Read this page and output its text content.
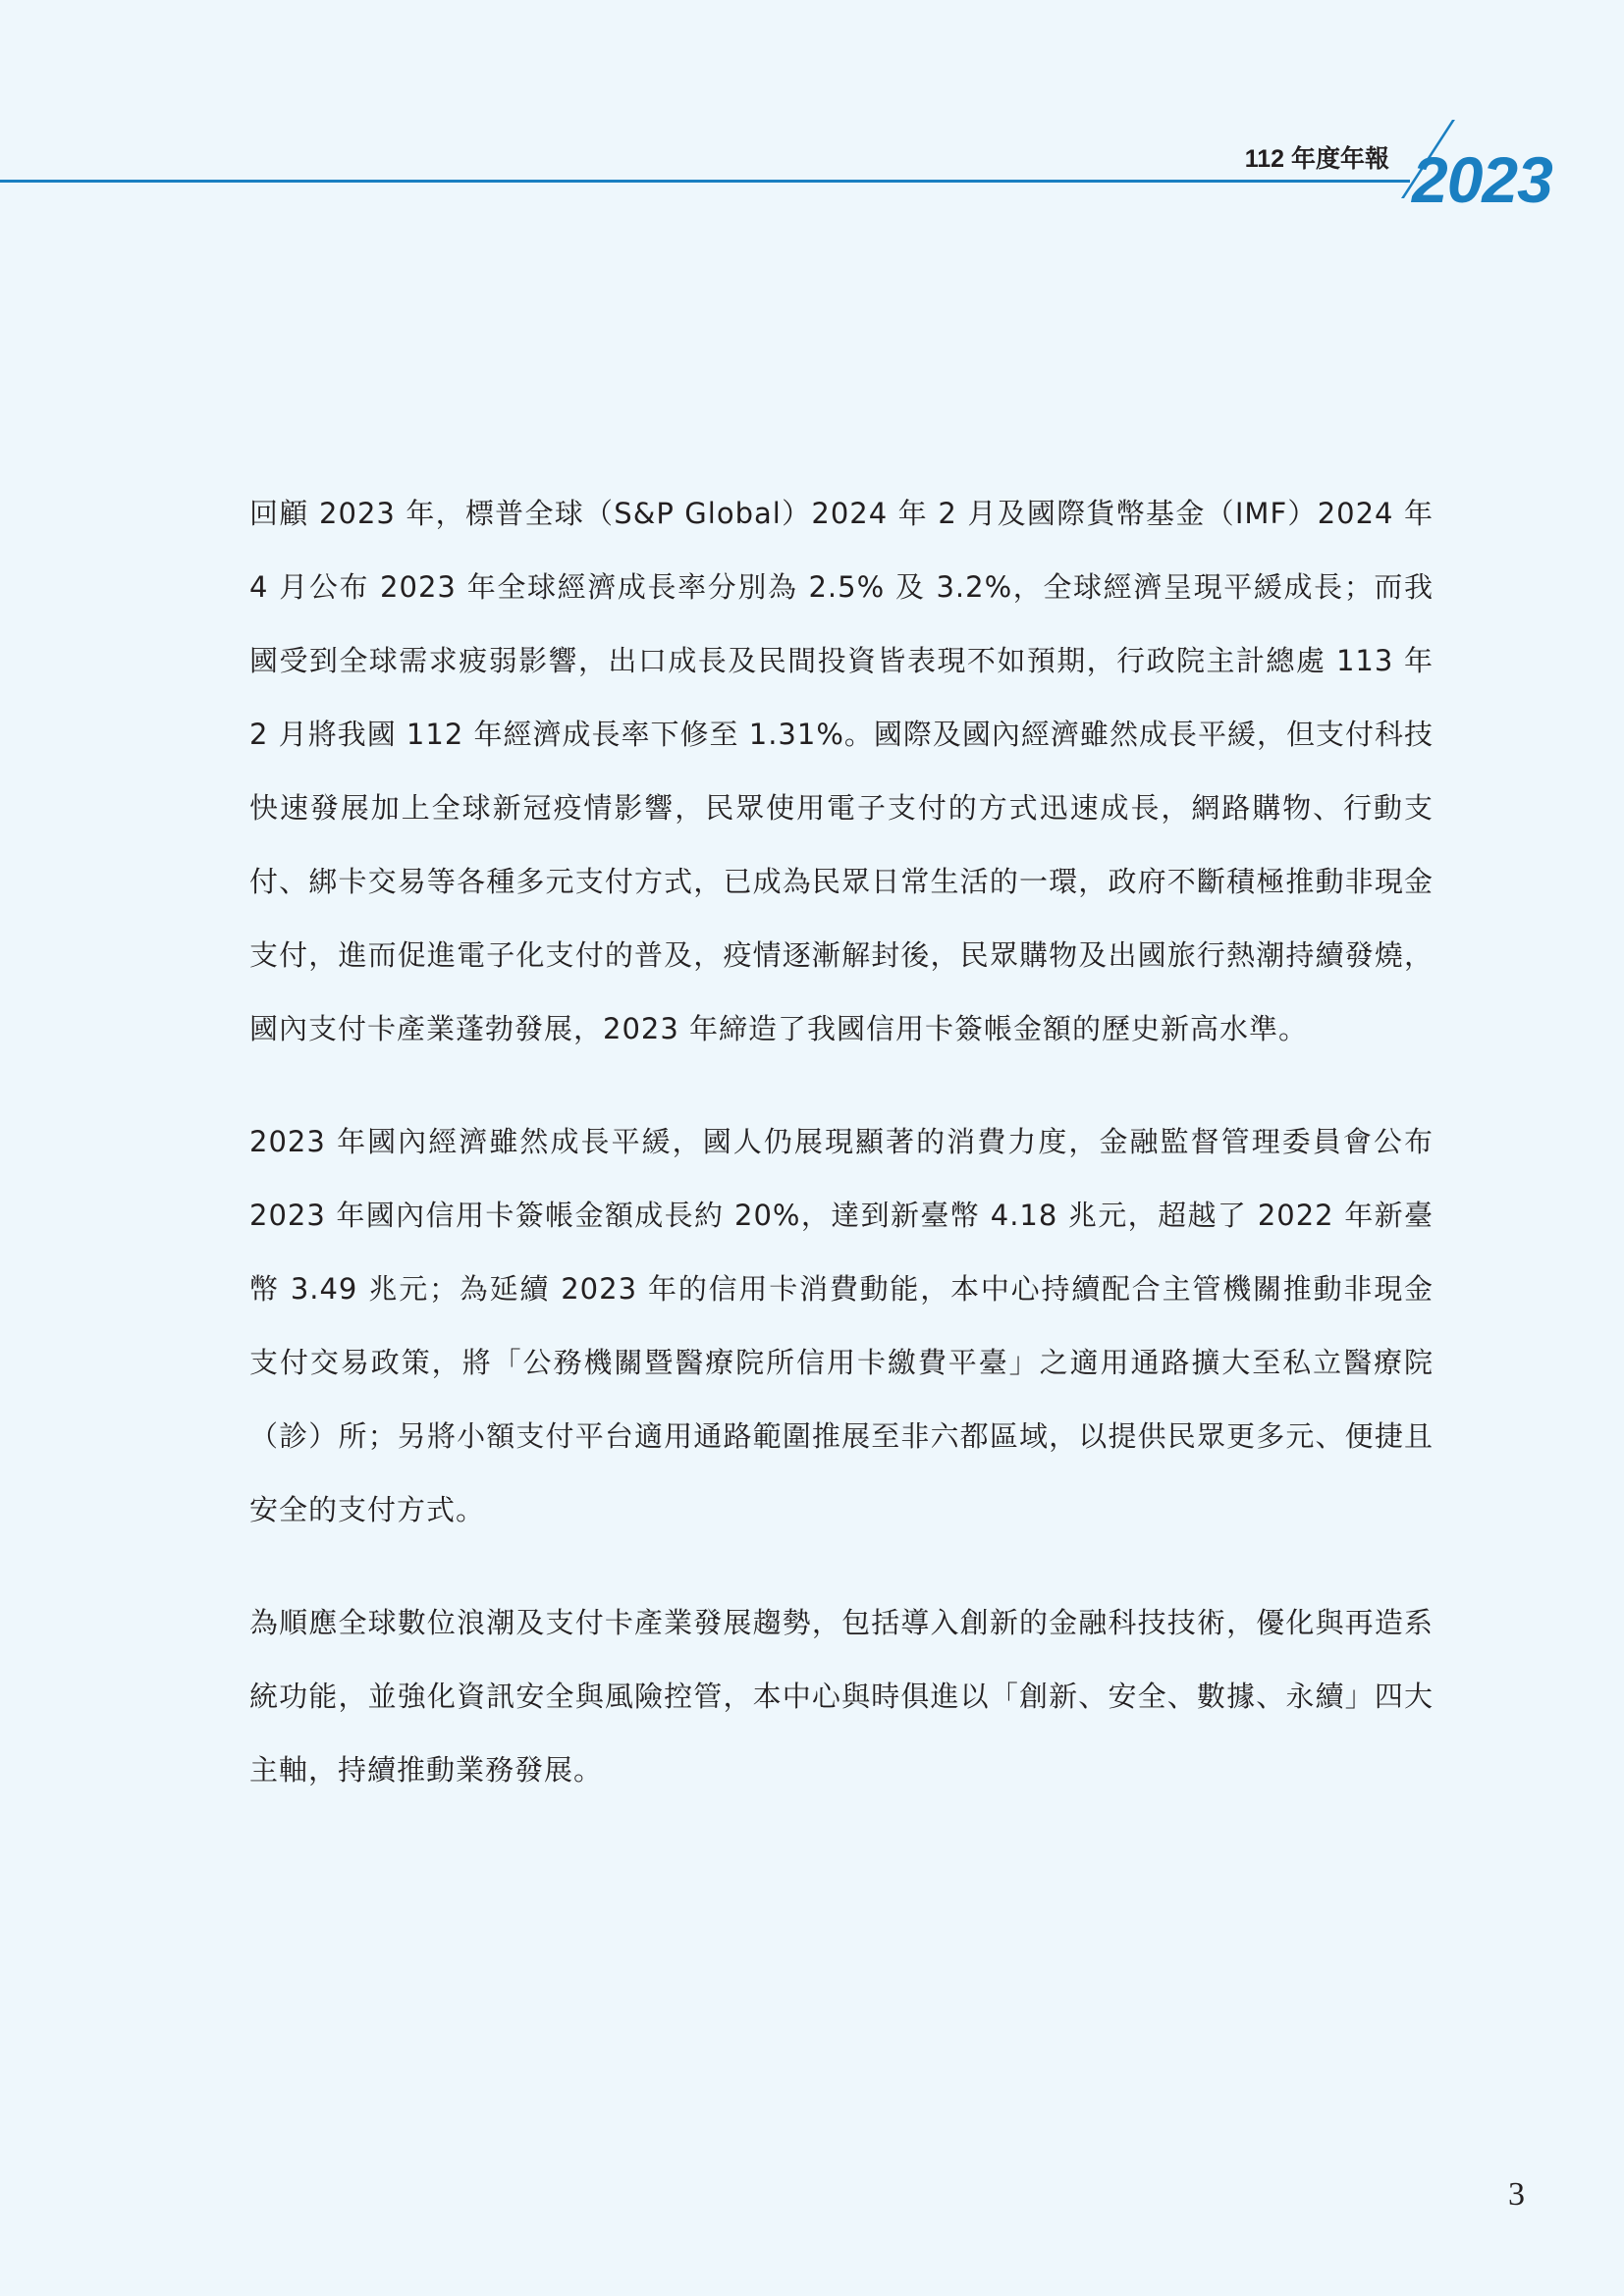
112 年度年報 2023

回顧 2023 年，標普全球（S&P Global）2024 年 2 月及國際貨幣基金（IMF）2024 年 4 月公布 2023 年全球經濟成長率分別為 2.5% 及 3.2%，全球經濟呈現平緩成長；而我國受到全球需求疲弱影響，出口成長及民間投資皆表現不如預期，行政院主計總處 113 年 2 月將我國 112 年經濟成長率下修至 1.31%。國際及國內經濟雖然成長平緩，但支付科技快速發展加上全球新冠疫情影響，民眾使用電子支付的方式迅速成長，網路購物、行動支付、綁卡交易等各種多元支付方式，已成為民眾日常生活的一環，政府不斷積極推動非現金支付，進而促進電子化支付的普及，疫情逐漸解封後，民眾購物及出國旅行熱潮持續發燒，國內支付卡產業蓬勃發展，2023 年締造了我國信用卡簽帳金額的歷史新高水準。

2023 年國內經濟雖然成長平緩，國人仍展現顯著的消費力度，金融監督管理委員會公布 2023 年國內信用卡簽帳金額成長約 20%，達到新臺幣 4.18 兆元，超越了 2022 年新臺幣 3.49 兆元；為延續 2023 年的信用卡消費動能，本中心持續配合主管機關推動非現金支付交易政策，將「公務機關暨醫療院所信用卡繳費平臺」之適用通路擴大至私立醫療院（診）所；另將小額支付平台適用通路範圍推展至非六都區域，以提供民眾更多元、便捷且安全的支付方式。

為順應全球數位浪潮及支付卡產業發展趨勢，包括導入創新的金融科技技術，優化與再造系統功能，並強化資訊安全與風險控管，本中心與時俱進以「創新、安全、數據、永續」四大主軸，持續推動業務發展。

3
